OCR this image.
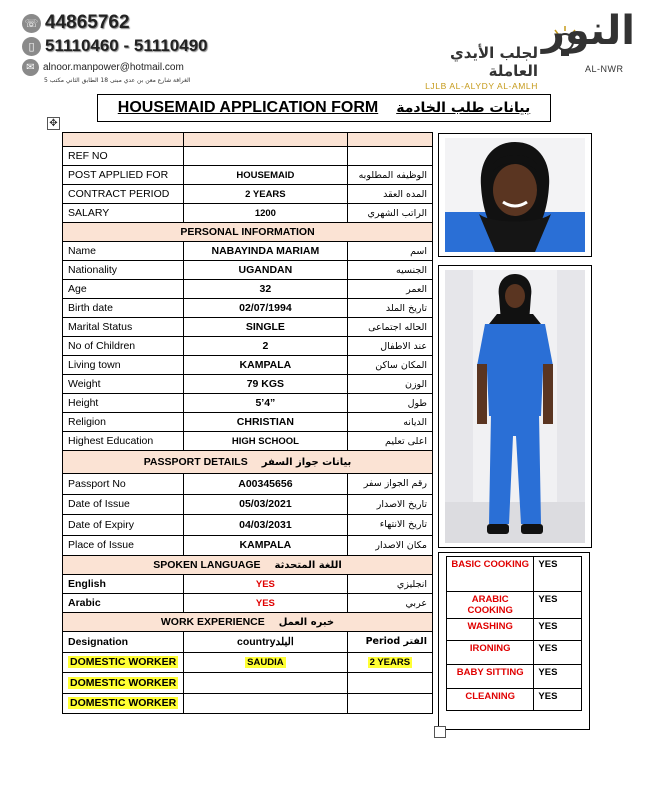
☏ 44865762
▯ 51110460 - 51110490
✉ alnoor.manpower@hotmail.com
الغرافة شارع معن بن عدي مبنى 18 الطابق الثاني مكتب 5
لجلب الأيدي العاملة
LJLB AL-ALYDY AL-AMLH
النور
AL-NWR
HOUSEMAID APPLICATION FORM بيانات طلب الخادمة
✥

REF NO		
POST APPLIED FOR	HOUSEMAID	الوظيفه المطلوبه
CONTRACT PERIOD	2 YEARS	المده العقد
SALARY	1200	الراتب الشهري
PERSONAL INFORMATION		
Name	NABAYINDA MARIAM	اسم
Nationality	UGANDAN	الجنسيه
Age	32	العمر
Birth date	02/07/1994	تاريخ الملد
Marital Status	SINGLE	الحاله اجتماعى
No of Children	2	عند الاطفال
Living town	KAMPALA	المكان ساكن
Weight	79 KGS	الوزن
Height	5’4”	طول
Religion	CHRISTIAN	الديانه
Highest Education	HIGH SCHOOL	اعلى تعليم
PASSPORT DETAILS بيانات جواز السفر		
Passport No	A00345656	رقم الجواز سفر
Date of Issue	05/03/2021	تاريخ الاصدار
Date of Expiry	04/03/2031	تاريخ الانتهاء
Place of Issue	KAMPALA	مكان الاصدار
SPOKEN LANGUAGE اللغة المتحدثة		
English	YES	انجليزي
Arabic	YES	عربي
WORK EXPERIENCE خبره العمل		
Designation	countryالبلد	Period الفتر
DOMESTIC WORKER	SAUDIA	2 YEARS
DOMESTIC WORKER		
DOMESTIC WORKER		
BASIC COOKING	YES
ARABIC COOKING	YES
WASHING	YES
IRONING	YES
BABY SITTING	YES
CLEANING	YES
